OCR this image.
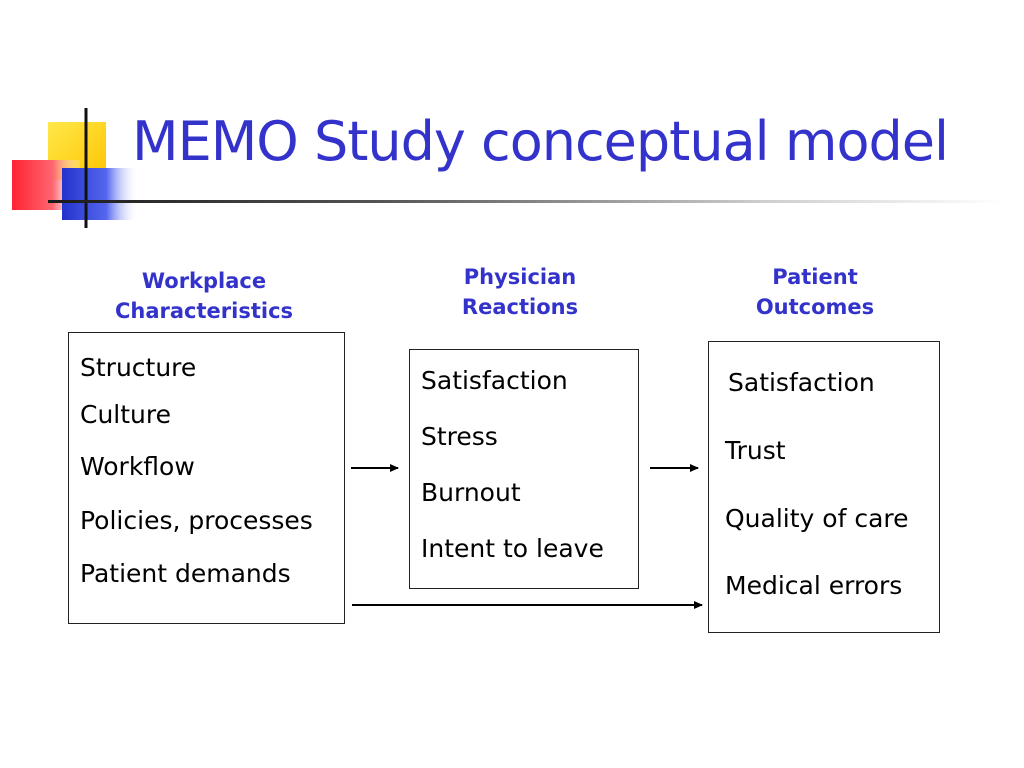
MEMO Study conceptual model
Workplace
Characteristics
Physician
Reactions
Patient
Outcomes
Structure
Culture
Workflow
Policies, processes
Patient demands
Satisfaction
Stress
Burnout
Intent to leave
Satisfaction
Trust
Quality of care
Medical errors
